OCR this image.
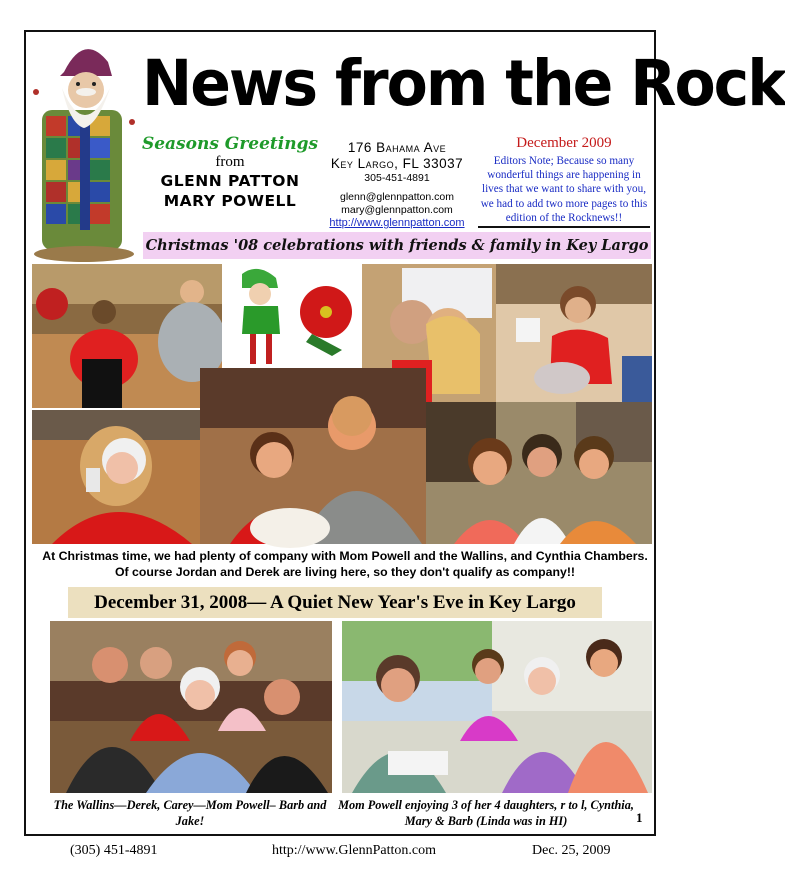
News from the Rock
Seasons Greetings
from
GLENN PATTON
MARY POWELL
176 Bahama Ave
Key Largo, FL 33037
305-451-4891
glenn@glennpatton.com
mary@glennpatton.com
http://www.glennpatton.com
December 2009
Editors Note; Because so many wonderful things are happening in lives that we want to share with you, we had to add two more pages to this edition of the Rocknews!!
Christmas '08 celebrations with friends & family in Key Largo
At Christmas time, we had plenty of company with Mom Powell and the Wallins, and Cynthia Chambers. Of course Jordan and Derek are living here, so they don't qualify as company!!
December 31, 2008— A Quiet New Year's Eve in Key Largo
The Wallins—Derek, Carey—Mom Powell– Barb and Jake!
Mom Powell enjoying 3 of her 4 daughters, r to l, Cynthia, Mary & Barb (Linda was in HI)	1
(305) 451-4891	http://www.GlennPatton.com	Dec. 25, 2009
